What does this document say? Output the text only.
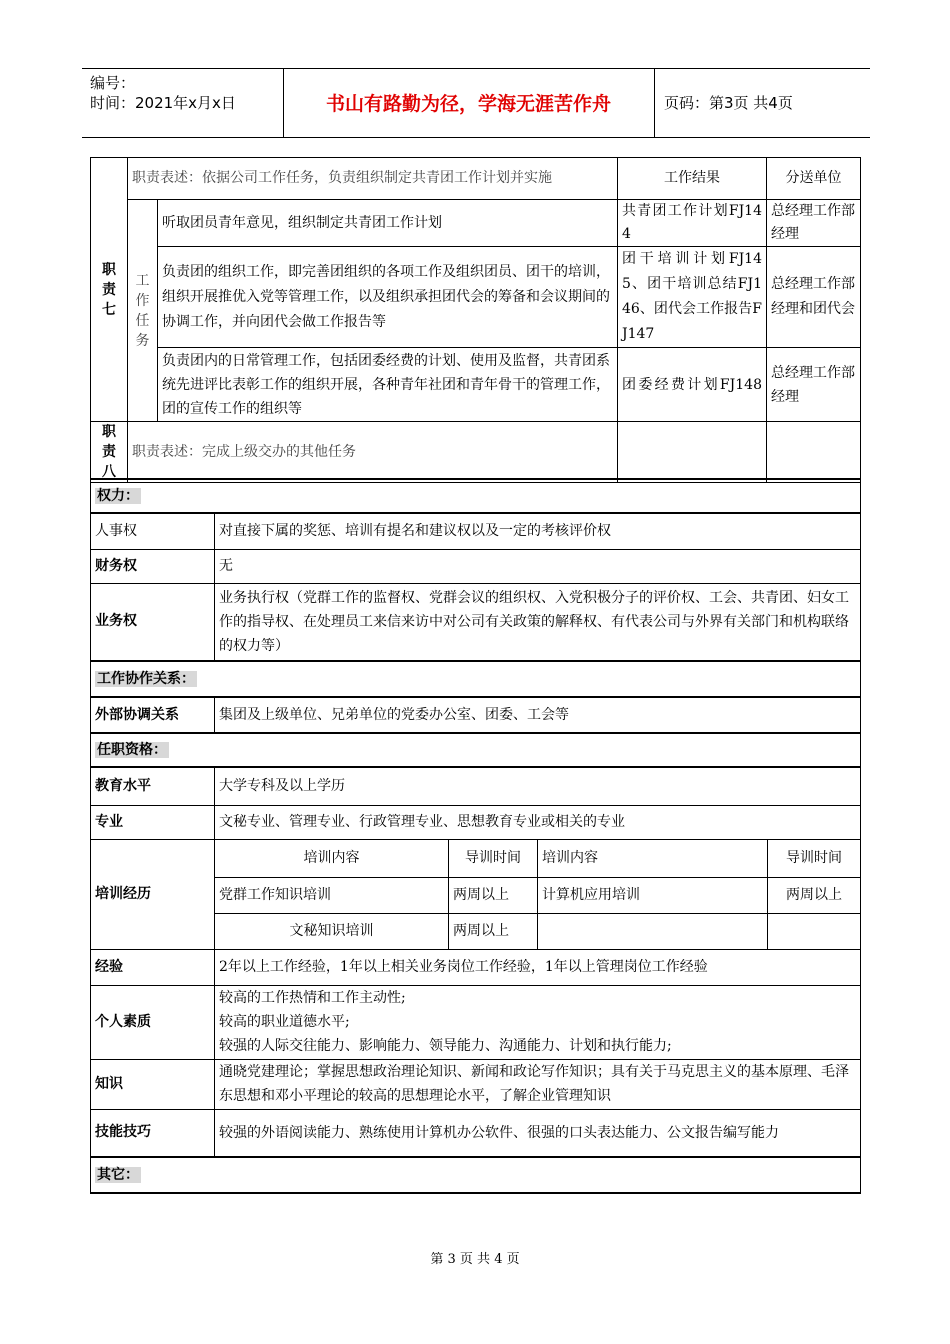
编号：
时间：2021年x月x日	书山有路勤为径，学海无涯苦作舟	页码：第3页 共4页
职责七	职责表述：依据公司工作任务，负责组织制定共青团工作计划并实施		工作结果	分送单位

	工作任务	听取团员青年意见，组织制定共青团工作计划	共青团工作计划FJ144	总经理工作部经理
		负责团的组织工作，即完善团组织的各项工作及组织团员、团干的培训，组织开展推优入党等管理工作，以及组织承担团代会的筹备和会议期间的协调工作，并向团代会做工作报告等	团干培训计划FJ145、团干培训总结FJ146、团代会工作报告FJ147	总经理工作部经理和团代会
		负责团内的日常管理工作，包括团委经费的计划、使用及监督，共青团系统先进评比表彰工作的组织开展，各种青年社团和青年骨干的管理工作，团的宣传工作的组织等	团委经费计划FJ148	总经理工作部经理

职责八	职责表述：完成上级交办的其他任务			
权力：				
人事权	对直接下属的奖惩、培训有提名和建议权以及一定的考核评价权			
财务权	无			
业务权	业务执行权（党群工作的监督权、党群会议的组织权、入党积极分子的评价权、工会、共青团、妇女工作的指导权、在处理员工来信来访中对公司有关政策的解释权、有代表公司与外界有关部门和机构联络的权力等）			
工作协作关系：				
外部协调关系	集团及上级单位、兄弟单位的党委办公室、团委、工会等			
任职资格：				
教育水平	大学专科及以上学历			
专业	文秘专业、管理专业、行政管理专业、思想教育专业或相关的专业			
培训经历	培训内容	导训时间	培训内容	导训时间
	党群工作知识培训	两周以上	计算机应用培训	两周以上
	文秘知识培训	两周以上		
经验	2年以上工作经验，1年以上相关业务岗位工作经验，1年以上管理岗位工作经验			
个人素质	较高的工作热情和工作主动性;
较高的职业道德水平;
较强的人际交往能力、影响能力、领导能力、沟通能力、计划和执行能力;			

知识	通晓党建理论；掌握思想政治理论知识、新闻和政论写作知识；具有关于马克思主义的基本原理、毛泽东思想和邓小平理论的较高的思想理论水平，了解企业管理知识			
技能技巧	较强的外语阅读能力、熟练使用计算机办公软件、很强的口头表达能力、公文报告编写能力			
其它：				
第 3 页 共 4 页
